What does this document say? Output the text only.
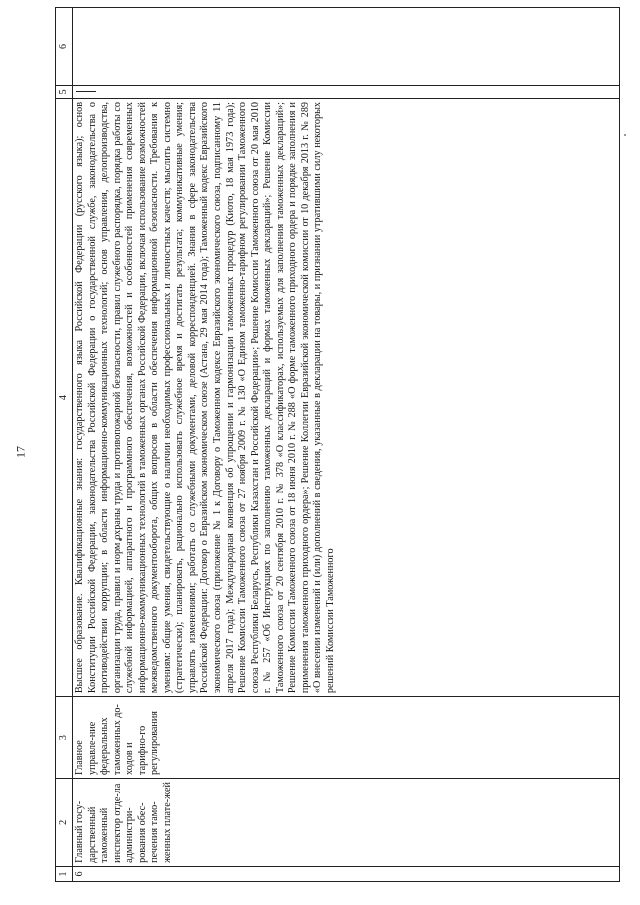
17
1	2	3	4	5	6
6	Главный госу-дарственный таможенный инспектор отде-ла администри-рования обес-печения тамо-женных плате-жей	Главное управле-ние федеральных таможенных до-ходов и тарифно-го регулирования	Высшее образование. Квалификационные знания: государственного языка Российской Федерации (русского языка); основ Конституции Российской Федерации, законодательства Российской Федерации о государственной службе, законодательства о противодействии коррупции; в области информационно-коммуникационных технологий; основ управления, делопроизводства, организации труда, правил и норм охраны труда и противопожарной безопасности, правил служебного распорядка, порядка работы со служебной информацией, аппаратного и программного обеспечения, возможностей и особенностей применения современных информационно-коммуникационных технологий в таможенных органах Российской Федерации, включая использование возможностей межведомственного документооборота, общих вопросов в области обеспечения информационной безопасности. Требования к умениям: общие умения, свидетельствующие о наличии необходимых профессиональных и личностных качеств; мыслить системно (стратегически); планировать, рационально использовать служебное время и достигать результата; коммуникативные умения; управлять изменениями; работать со служебными документами, деловой корреспонденцией. Знания в сфере законодательства Российской Федерации: Договор о Евразийском экономическом союзе (Астана, 29 мая 2014 года); Таможенный кодекс Евразийского экономического союза (приложение № 1 к Договору о Таможенном кодексе Евразийского экономического союза, подписанному 11 апреля 2017 года); Международная конвенция об упрощении и гармонизации таможенных процедур (Киото, 18 мая 1973 года); Решение Комиссии Таможенного союза от 27 ноября 2009 г. № 130 «О Едином таможенно-тарифном регулировании Таможенного союза Республики Беларусь, Республики Казахстан и Российской Федерации»; Решение Комиссии Таможенного союза от 20 мая 2010 г. № 257 «Об Инструкциях по заполнению таможенных деклараций и формах таможенных деклараций»; Решение Комиссии Таможенного союза от 20 сентября 2010 г. № 378 «О классификаторах, используемых для заполнения таможенных деклараций»; Решение Комиссии Таможенного союза от 18 июня 2010 г. № 288 «О форме таможенного приходного ордера и порядке заполнения и применения таможенного приходного ордера»; Решение Коллегии Евразийской экономической комиссии от 10 декабря 2013 г. № 289 «О внесении изменений и (или) дополнений в сведения, указанные в декларации на товары, и признании утратившими силу некоторых решений Комиссии Таможенного	
